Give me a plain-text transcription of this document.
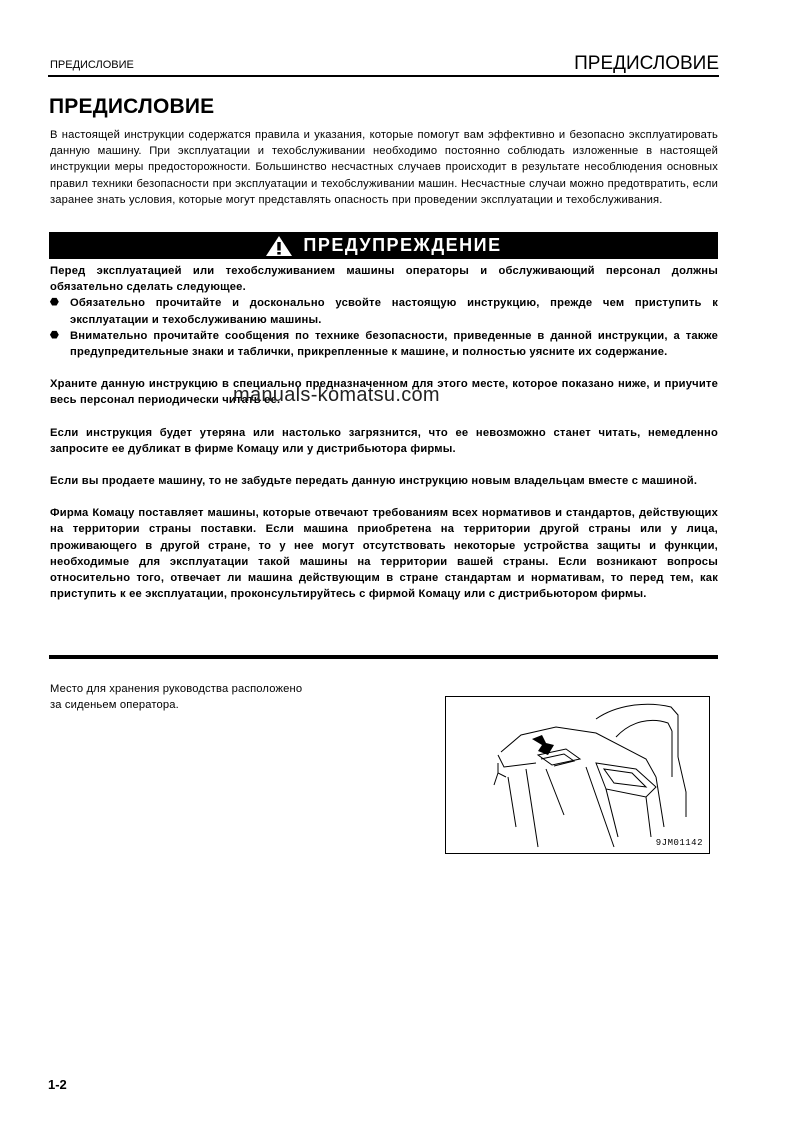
ПРЕДИСЛОВИЕ	ПРЕДИСЛОВИЕ
ПРЕДИСЛОВИЕ

В настоящей инструкции содержатся правила и указания, которые помогут вам эффективно и безопасно эксплуатировать данную машину. При эксплуатации и техобслуживании необходимо постоянно соблюдать изложенные в настоящей инструкции меры предосторожности. Большинство несчастных случаев происходит в результате несоблюдения основных правил техники безопасности при эксплуатации и техобслуживании машин. Несчастные случаи можно предотвратить, если заранее знать условия, которые могут представлять опасность при проведении эксплуатации и техобслуживания.

ПРЕДУПРЕЖДЕНИЕ

Перед эксплуатацией или техобслуживанием машины операторы и обслуживающий персонал должны обязательно сделать следующее.

⬣ Обязательно прочитайте и досконально усвойте настоящую инструкцию, прежде чем приступить к эксплуатации и техобслуживанию машины.
⬣ Внимательно прочитайте сообщения по технике безопасности, приведенные в данной инструкции, а также предупредительные знаки и таблички, прикрепленные к машине, и полностью уясните их содержание.

Храните данную инструкцию в специально предназначенном для этого месте, которое показано ниже, и приучите весь персонал периодически читать ее.

Если инструкция будет утеряна или настолько загрязнится, что ее невозможно станет читать, немедленно запросите ее дубликат в фирме Комацу или у дистрибьютора фирмы.

Если вы продаете машину, то не забудьте передать данную инструкцию новым владельцам вместе с машиной.

Фирма Комацу поставляет машины, которые отвечают требованиям всех нормативов и стандартов, действующих на территории страны поставки. Если машина приобретена на территории другой страны или у лица, проживающего в другой стране, то у нее могут отсутствовать некоторые устройства защиты и функции, необходимые для эксплуатации такой машины на территории вашей страны. Если возникают вопросы относительно того, отвечает ли машина действующим в стране стандартам и нормативам, то перед тем, как приступить к ее эксплуатации, проконсультируйтесь с фирмой Комацу или с дистрибьютором фирмы.

manuals-komatsu.com
Место для хранения руководства расположено
за сиденьем оператора.
9JM01142
1-2
